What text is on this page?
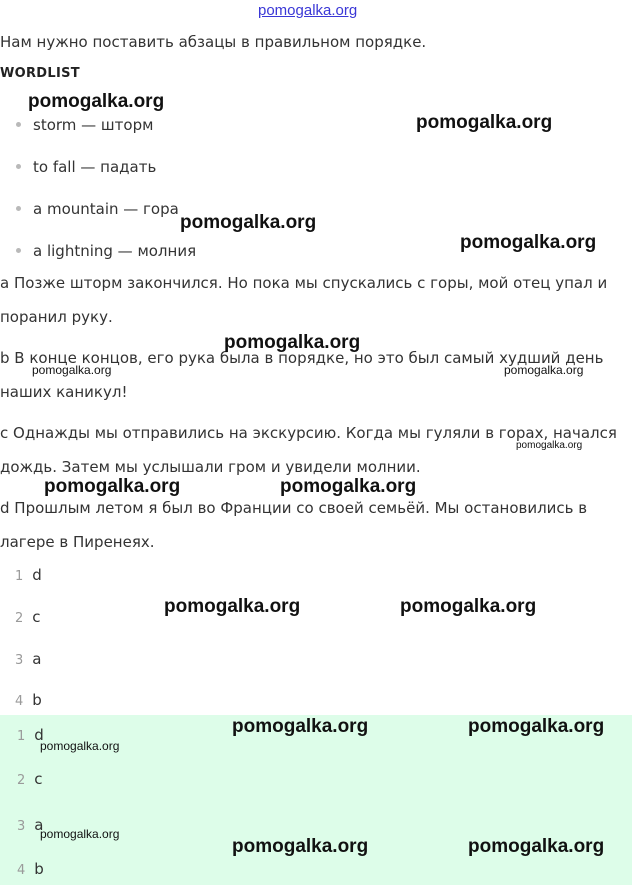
pomogalka.org
Нам нужно поставить абзацы в правильном порядке.
WORDLIST
storm — шторм
to fall — падать
a mountain — гора
a lightning — молния
a Позже шторм закончился. Но пока мы спускались с горы, мой отец упал и
поранил руку.
b В конце концов, его рука была в порядке, но это был самый худший день
наших каникул!
c Однажды мы отправились на экскурсию. Когда мы гуляли в горах, начался
дождь. Затем мы услышали гром и увидели молнии.
d Прошлым летом я был во Франции со своей семьёй. Мы остановились в
лагере в Пиренеях.
1 d
2 c
3 a
4 b
1 d
2 c
3 a
4 b
pomogalka.org
pomogalka.org
pomogalka.org
pomogalka.org
pomogalka.org
pomogalka.org	pomogalka.org
pomogalka.org
pomogalka.org	pomogalka.org
pomogalka.org	pomogalka.org
pomogalka.org	pomogalka.org
pomogalka.org
pomogalka.org
pomogalka.org	pomogalka.org
